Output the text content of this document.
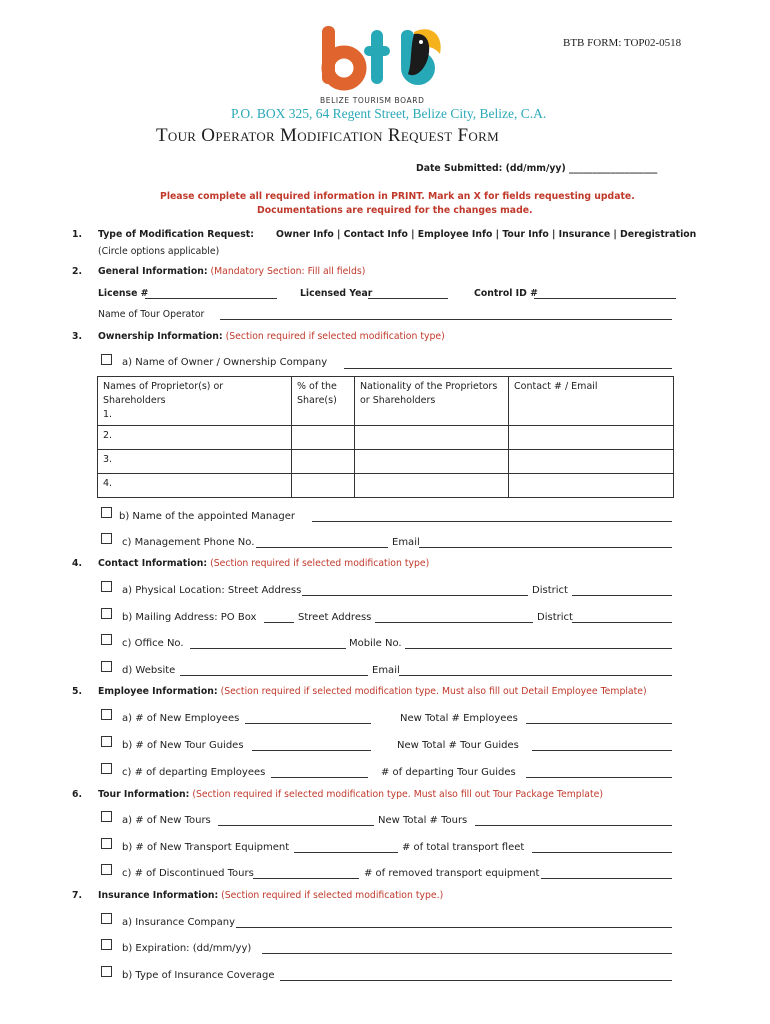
BTB FORM: TOP02-0518
BELIZE TOURISM BOARD
P.O. BOX 325, 64 Regent Street, Belize City, Belize, C.A.
Tour Operator Modification Request Form
Date Submitted: (dd/mm/yy) ___________________
Please complete all required information in PRINT. Mark an X for fields requesting update.
Documentations are required for the changes made.
1. Type of Modification Request:
(Circle options applicable)
Owner Info | Contact Info | Employee Info | Tour Info | Insurance | Deregistration
2. General Information: (Mandatory Section: Fill all fields)
License #	Licensed Year	Control ID #
Name of Tour Operator
3. Ownership Information: (Section required if selected modification type)
a) Name of Owner / Ownership Company
Names of Proprietor(s) or Shareholders
1.	% of the Share(s)	Nationality of the Proprietors or Shareholders	Contact # / Email

2.			
3.			
4.			
b) Name of the appointed Manager
c) Management Phone No.	Email
4. Contact Information: (Section required if selected modification type)
a) Physical Location: Street Address	District
b) Mailing Address: PO Box	Street Address	District
c) Office No.	Mobile No.
d) Website	Email
5. Employee Information: (Section required if selected modification type. Must also fill out Detail Employee Template)
a) # of New Employees	New Total # Employees
b) # of New Tour Guides	New Total # Tour Guides
c) # of departing Employees	# of departing Tour Guides
6. Tour Information: (Section required if selected modification type. Must also fill out Tour Package Template)
a) # of New Tours	New Total # Tours
b) # of New Transport Equipment	# of total transport fleet
c) # of Discontinued Tours	# of removed transport equipment
7. Insurance Information: (Section required if selected modification type.)
a) Insurance Company
b) Expiration: (dd/mm/yy)
b) Type of Insurance Coverage
